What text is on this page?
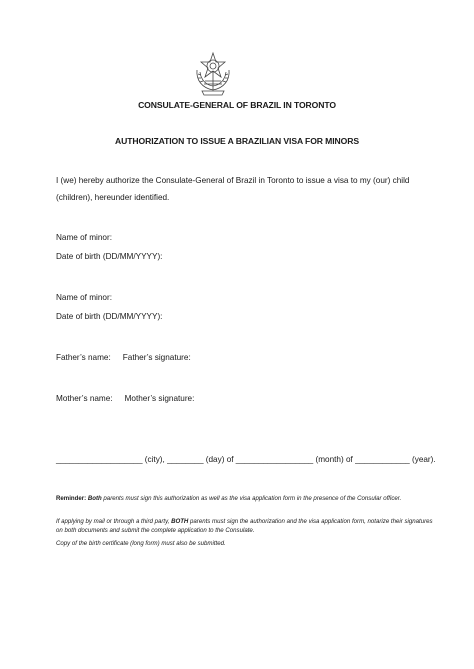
CONSULATE-GENERAL OF BRAZIL IN TORONTO
AUTHORIZATION TO ISSUE A BRAZILIAN VISA FOR MINORS
I (we) hereby authorize the Consulate-General of Brazil in Toronto to issue a visa to my (our) child
(children), hereunder identified.
Name of minor:
Date of birth (DD/MM/YYYY):
Name of minor:
Date of birth (DD/MM/YYYY):
Father’s name: Father’s signature:
Mother’s name: Mother’s signature:
___________________ (city), ________ (day) of _________________ (month) of ____________ (year).
Reminder: Both parents must sign this authorization as well as the visa application form in the presence of the Consular officer.
If applying by mail or through a third party, BOTH parents must sign the authorization and the visa application form, notarize their signatures on both documents and submit the complete application to the Consulate.
Copy of the birth certificate (long form) must also be submitted.
